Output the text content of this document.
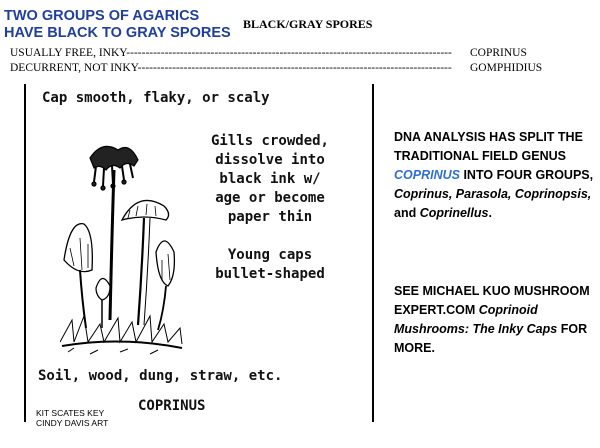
TWO GROUPS OF AGARICS
HAVE BLACK TO GRAY SPORES
BLACK/GRAY SPORES
USUALLY FREE, INKY------------------------------------------------------------------------------------- COPRINUS
DECURRENT, NOT INKY---------------------------------------------------------------------------------- GOMPHIDIUS
Cap smooth, flaky, or scaly
Gills crowded,
dissolve into
black ink w/
age or become
paper thin
Young caps
bullet-shaped
Soil, wood, dung, straw, etc.
COPRINUS
KIT SCATES KEY
CINDY DAVIS ART
DNA ANALYSIS HAS SPLIT THE TRADITIONAL FIELD GENUS COPRINUS INTO FOUR GROUPS, Coprinus, Parasola, Coprinopsis, and Coprinellus.
SEE MICHAEL KUO MUSHROOM EXPERT.COM Coprinoid Mushrooms: The Inky Caps FOR MORE.
